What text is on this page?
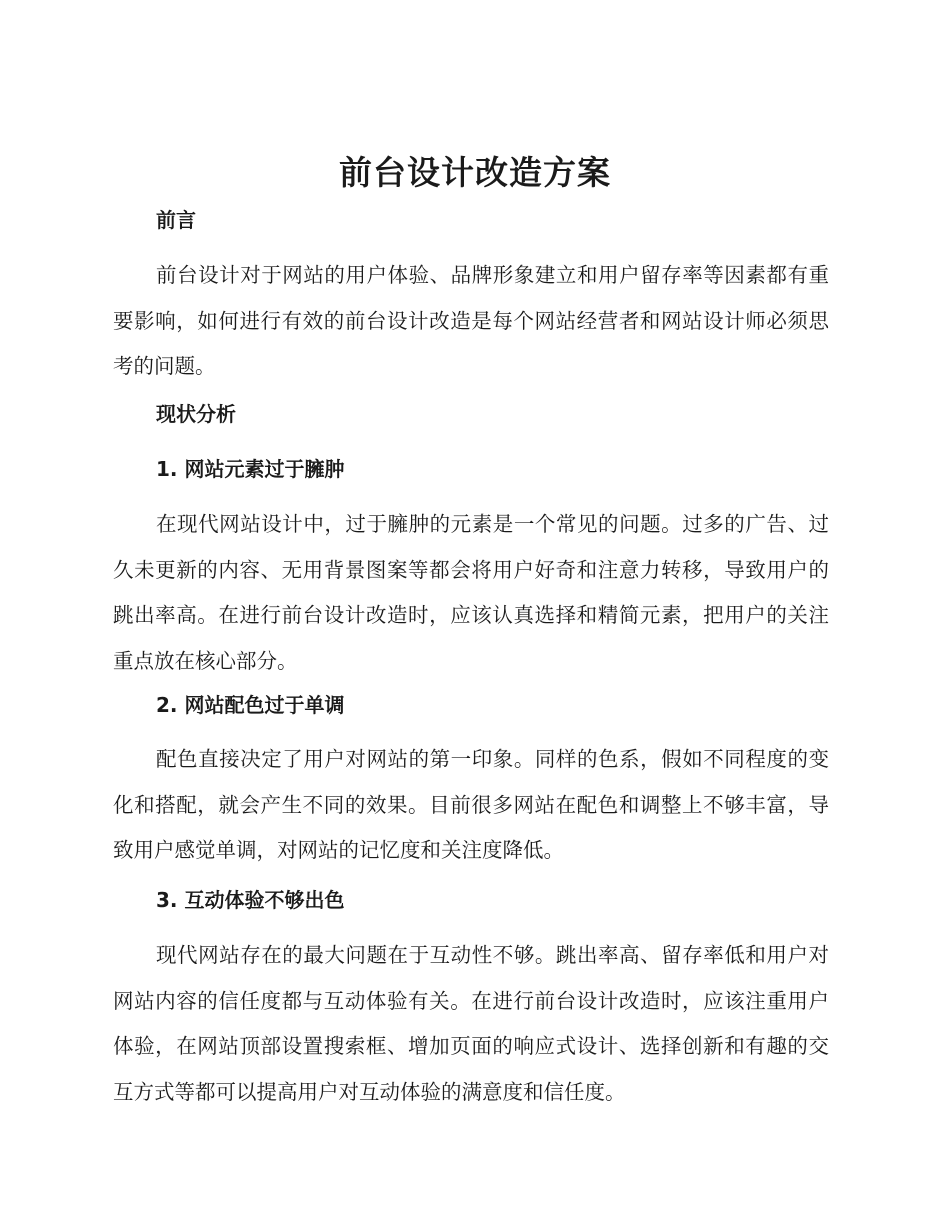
前台设计改造方案
前言

前台设计对于网站的用户体验、品牌形象建立和用户留存率等因素都有重要影响，如何进行有效的前台设计改造是每个网站经营者和网站设计师必须思考的问题。

现状分析
1. 网站元素过于臃肿

在现代网站设计中，过于臃肿的元素是一个常见的问题。过多的广告、过久未更新的内容、无用背景图案等都会将用户好奇和注意力转移，导致用户的跳出率高。在进行前台设计改造时，应该认真选择和精简元素，把用户的关注重点放在核心部分。

2. 网站配色过于单调

配色直接决定了用户对网站的第一印象。同样的色系，假如不同程度的变化和搭配，就会产生不同的效果。目前很多网站在配色和调整上不够丰富，导致用户感觉单调，对网站的记忆度和关注度降低。

3. 互动体验不够出色

现代网站存在的最大问题在于互动性不够。跳出率高、留存率低和用户对网站内容的信任度都与互动体验有关。在进行前台设计改造时，应该注重用户体验，在网站顶部设置搜索框、增加页面的响应式设计、选择创新和有趣的交互方式等都可以提高用户对互动体验的满意度和信任度。
